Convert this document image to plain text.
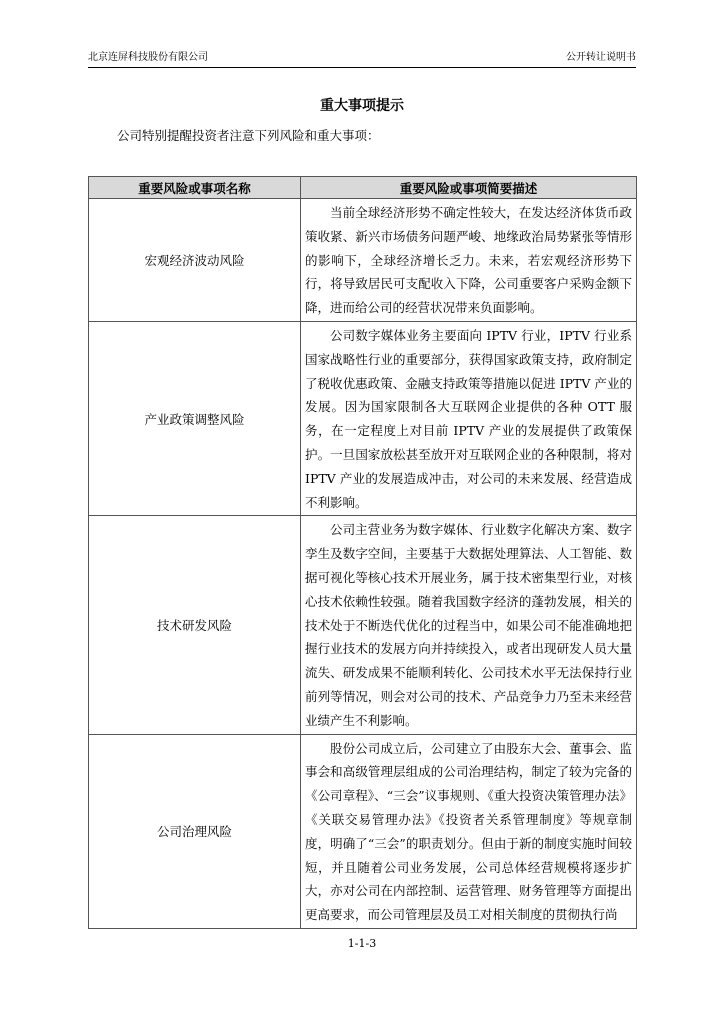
北京连屏科技股份有限公司	公开转让说明书
重大事项提示
公司特别提醒投资者注意下列风险和重大事项：
重要风险或事项名称	重要风险或事项简要描述
宏观经济波动风险	当前全球经济形势不确定性较大，在发达经济体货币政策收紧、新兴市场债务问题严峻、地缘政治局势紧张等情形的影响下，全球经济增长乏力。未来，若宏观经济形势下行，将导致居民可支配收入下降，公司重要客户采购金额下降，进而给公司的经营状况带来负面影响。
产业政策调整风险	公司数字媒体业务主要面向 IPTV 行业，IPTV 行业系国家战略性行业的重要部分，获得国家政策支持，政府制定了税收优惠政策、金融支持政策等措施以促进 IPTV 产业的发展。因为国家限制各大互联网企业提供的各种 OTT 服务，在一定程度上对目前 IPTV 产业的发展提供了政策保护。一旦国家放松甚至放开对互联网企业的各种限制，将对 IPTV 产业的发展造成冲击，对公司的未来发展、经营造成不利影响。
技术研发风险	公司主营业务为数字媒体、行业数字化解决方案、数字孪生及数字空间，主要基于大数据处理算法、人工智能、数据可视化等核心技术开展业务，属于技术密集型行业，对核心技术依赖性较强。随着我国数字经济的蓬勃发展，相关的技术处于不断迭代优化的过程当中，如果公司不能准确地把握行业技术的发展方向并持续投入，或者出现研发人员大量流失、研发成果不能顺利转化、公司技术水平无法保持行业前列等情况，则会对公司的技术、产品竞争力乃至未来经营业绩产生不利影响。
公司治理风险	股份公司成立后，公司建立了由股东大会、董事会、监事会和高级管理层组成的公司治理结构，制定了较为完备的《公司章程》、“三会”议事规则、《重大投资决策管理办法》《关联交易管理办法》《投资者关系管理制度》等规章制度，明确了“三会”的职责划分。但由于新的制度实施时间较短，并且随着公司业务发展，公司总体经营规模将逐步扩大，亦对公司在内部控制、运营管理、财务管理等方面提出更高要求，而公司管理层及员工对相关制度的贯彻执行尚
1-1-3
